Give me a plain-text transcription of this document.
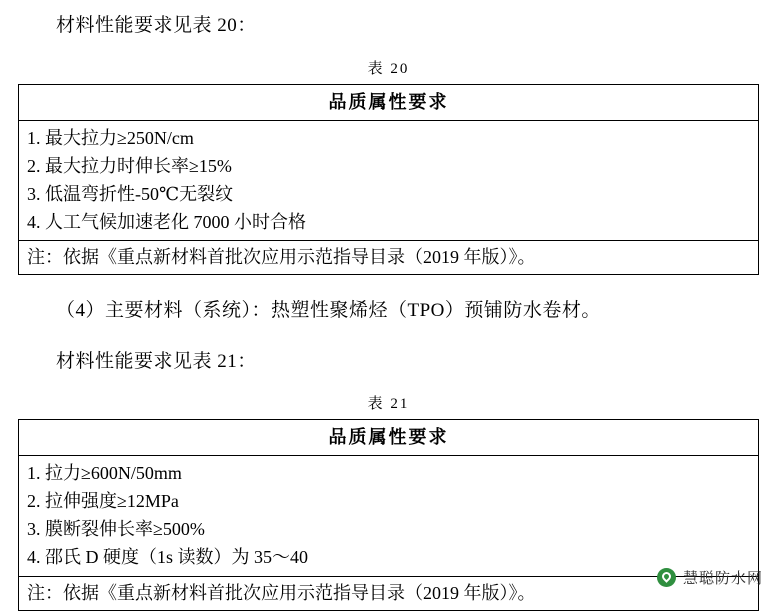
材料性能要求见表 20：

表 20
品质属性要求
1. 最大拉力≥250N/cm
2. 最大拉力时伸长率≥15%
3. 低温弯折性-50℃无裂纹
4. 人工气候加速老化 7000 小时合格
注：依据《重点新材料首批次应用示范指导目录（2019 年版）》。

（4）主要材料（系统）：热塑性聚烯烃（TPO）预铺防水卷材。

材料性能要求见表 21：

表 21
品质属性要求
1. 拉力≥600N/50mm
2. 拉伸强度≥12MPa
3. 膜断裂伸长率≥500%
4. 邵氏 D 硬度（1s 读数）为 35～40
注：依据《重点新材料首批次应用示范指导目录（2019 年版）》。
慧聪防水网
